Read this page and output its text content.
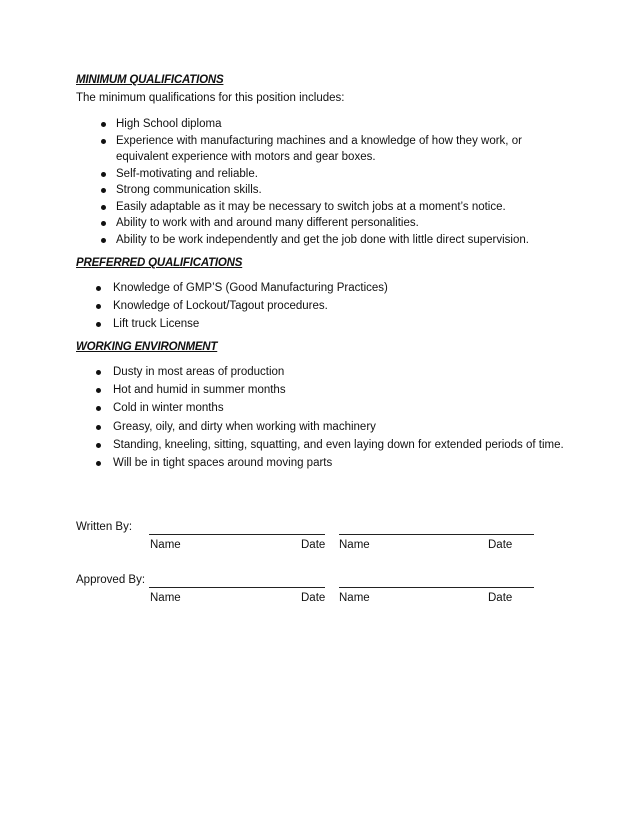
MINIMUM QUALIFICATIONS
The minimum qualifications for this position includes:
High School diploma
Experience with manufacturing machines and a knowledge of how they work, or equivalent experience with motors and gear boxes.
Self-motivating and reliable.
Strong communication skills.
Easily adaptable as it may be necessary to switch jobs at a moment’s notice.
Ability to work with and around many different personalities.
Ability to be work independently and get the job done with little direct supervision.
PREFERRED QUALIFICATIONS
Knowledge of GMP’S (Good Manufacturing Practices)
Knowledge of Lockout/Tagout procedures.
Lift truck License
WORKING ENVIRONMENT
Dusty in most areas of production
Hot and humid in summer months
Cold in winter months
Greasy, oily, and dirty when working with machinery
Standing, kneeling, sitting, squatting, and even laying down for extended periods of time.
Will be in tight spaces around moving parts
Written By:
Name	Date Name	Date
Approved By:
Name	Date Name	Date
